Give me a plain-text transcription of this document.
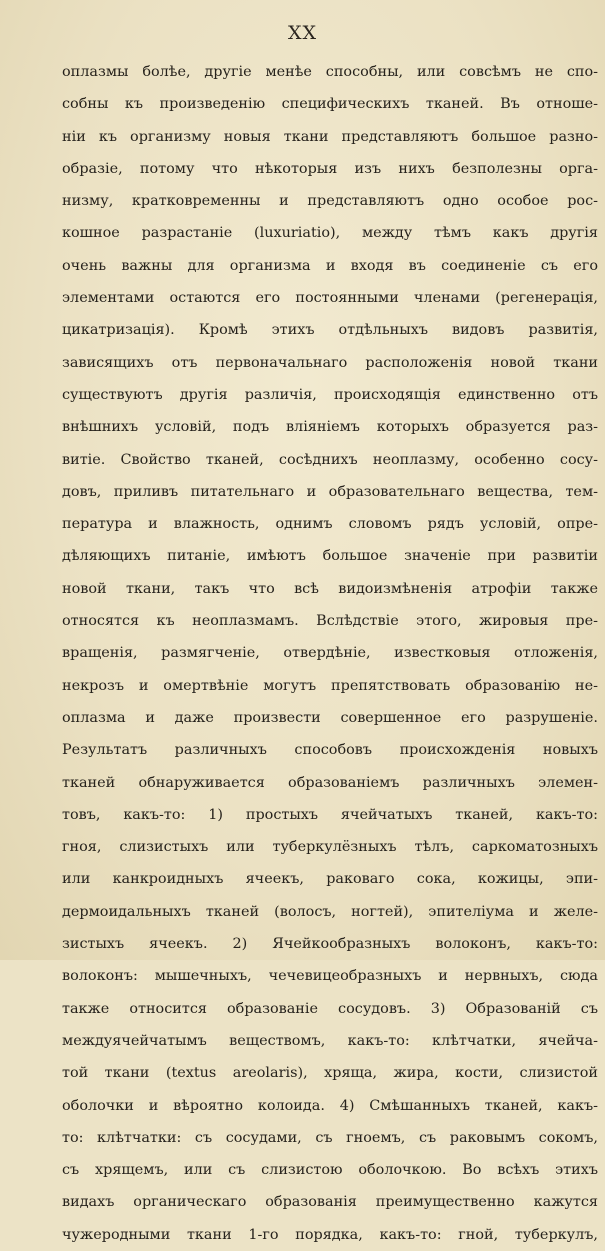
XX
оплазмы болѣе, другіе менѣе способны, или совсѣмъ не спо-
собны къ произведенію специфическихъ тканей. Въ отноше-
ніи къ организму новыя ткани представляютъ большое разно-
образіе, потому что нѣкоторыя изъ нихъ безполезны орга-
низму, кратковременны и представляютъ одно особое рос-
кошное разрастаніе (luxuriatio), между тѣмъ какъ другія
очень важны для организма и входя въ соединеніе съ его
элементами остаются его постоянными членами (регенерація,
цикатризація). Кромѣ этихъ отдѣльныхъ видовъ развитія,
зависящихъ отъ первоначальнаго расположенія новой ткани
существуютъ другія различія, происходящія единственно отъ
внѣшнихъ условій, подъ вліяніемъ которыхъ образуется раз-
витіе. Свойство тканей, сосѣднихъ неоплазму, особенно сосу-
довъ, приливъ питательнаго и образовательнаго вещества, тем-
пература и влажность, однимъ словомъ рядъ условій, опре-
дѣляющихъ питаніе, имѣютъ большое значеніе при развитіи
новой ткани, такъ что всѣ видоизмѣненія атрофіи также
относятся къ неоплазмамъ. Вслѣдствіе этого, жировыя пре-
вращенія, размягченіе, отвердѣніе, известковыя отложенія,
некрозъ и омертвѣніе могутъ препятствовать образованію не-
оплазма и даже произвести совершенное его разрушеніе.
Результатъ различныхъ способовъ происхожденія новыхъ
тканей обнаруживается образованіемъ различныхъ элемен-
товъ, какъ-то: 1) простыхъ ячейчатыхъ тканей, какъ-то:
гноя, слизистыхъ или туберкулёзныхъ тѣлъ, саркоматозныхъ
или канкроидныхъ ячеекъ, раковаго сока, кожицы, эпи-
дермоидальныхъ тканей (волосъ, ногтей), эпителіума и желе-
зистыхъ ячеекъ. 2) Ячейкообразныхъ волоконъ, какъ-то:
волоконъ: мышечныхъ, чечевицеобразныхъ и нервныхъ, сюда
также относится образованіе сосудовъ. 3) Образованій съ
междуячейчатымъ веществомъ, какъ-то: клѣтчатки, ячейча-
той ткани (textus areolaris), хряща, жира, кости, слизистой
оболочки и вѣроятно колоида. 4) Смѣшанныхъ тканей, какъ-
то: клѣтчатки: съ сосудами, съ гноемъ, съ раковымъ сокомъ,
съ хрящемъ, или съ слизистою оболочкою. Во всѣхъ этихъ
видахъ органическаго образованія преимущественно кажутся
чужеродными ткани 1-го порядка, какъ-то: гной, туберкулъ,
